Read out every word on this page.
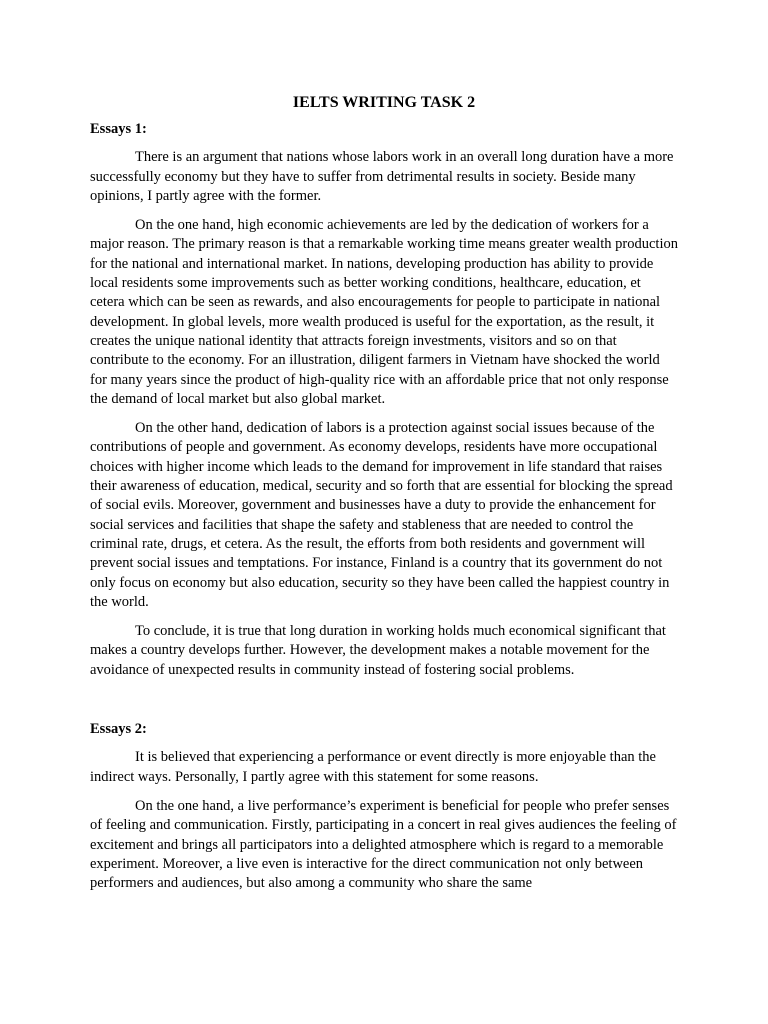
IELTS WRITING TASK 2
Essays 1:

There is an argument that nations whose labors work in an overall long duration have a more successfully economy but they have to suffer from detrimental results in society. Beside many opinions, I partly agree with the former.

On the one hand, high economic achievements are led by the dedication of workers for a major reason. The primary reason is that a remarkable working time means greater wealth production for the national and international market. In nations, developing production has ability to provide local residents some improvements such as better working conditions, healthcare, education, et cetera which can be seen as rewards, and also encouragements for people to participate in national development. In global levels, more wealth produced is useful for the exportation, as the result, it creates the unique national identity that attracts foreign investments, visitors and so on that contribute to the economy. For an illustration, diligent farmers in Vietnam have shocked the world for many years since the product of high-quality rice with an affordable price that not only response the demand of local market but also global market.

On the other hand, dedication of labors is a protection against social issues because of the contributions of people and government. As economy develops, residents have more occupational choices with higher income which leads to the demand for improvement in life standard that raises their awareness of education, medical, security and so forth that are essential for blocking the spread of social evils. Moreover, government and businesses have a duty to provide the enhancement for social services and facilities that shape the safety and stableness that are needed to control the criminal rate, drugs, et cetera. As the result, the efforts from both residents and government will prevent social issues and temptations. For instance, Finland is a country that its government do not only focus on economy but also education, security so they have been called the happiest country in the world.

To conclude, it is true that long duration in working holds much economical significant that makes a country develops further. However, the development makes a notable movement for the avoidance of unexpected results in community instead of fostering social problems.

Essays 2:

It is believed that experiencing a performance or event directly is more enjoyable than the indirect ways. Personally, I partly agree with this statement for some reasons.

On the one hand, a live performance’s experiment is beneficial for people who prefer senses of feeling and communication. Firstly, participating in a concert in real gives audiences the feeling of excitement and brings all participators into a delighted atmosphere which is regard to a memorable experiment. Moreover, a live even is interactive for the direct communication not only between performers and audiences, but also among a community who share the same
